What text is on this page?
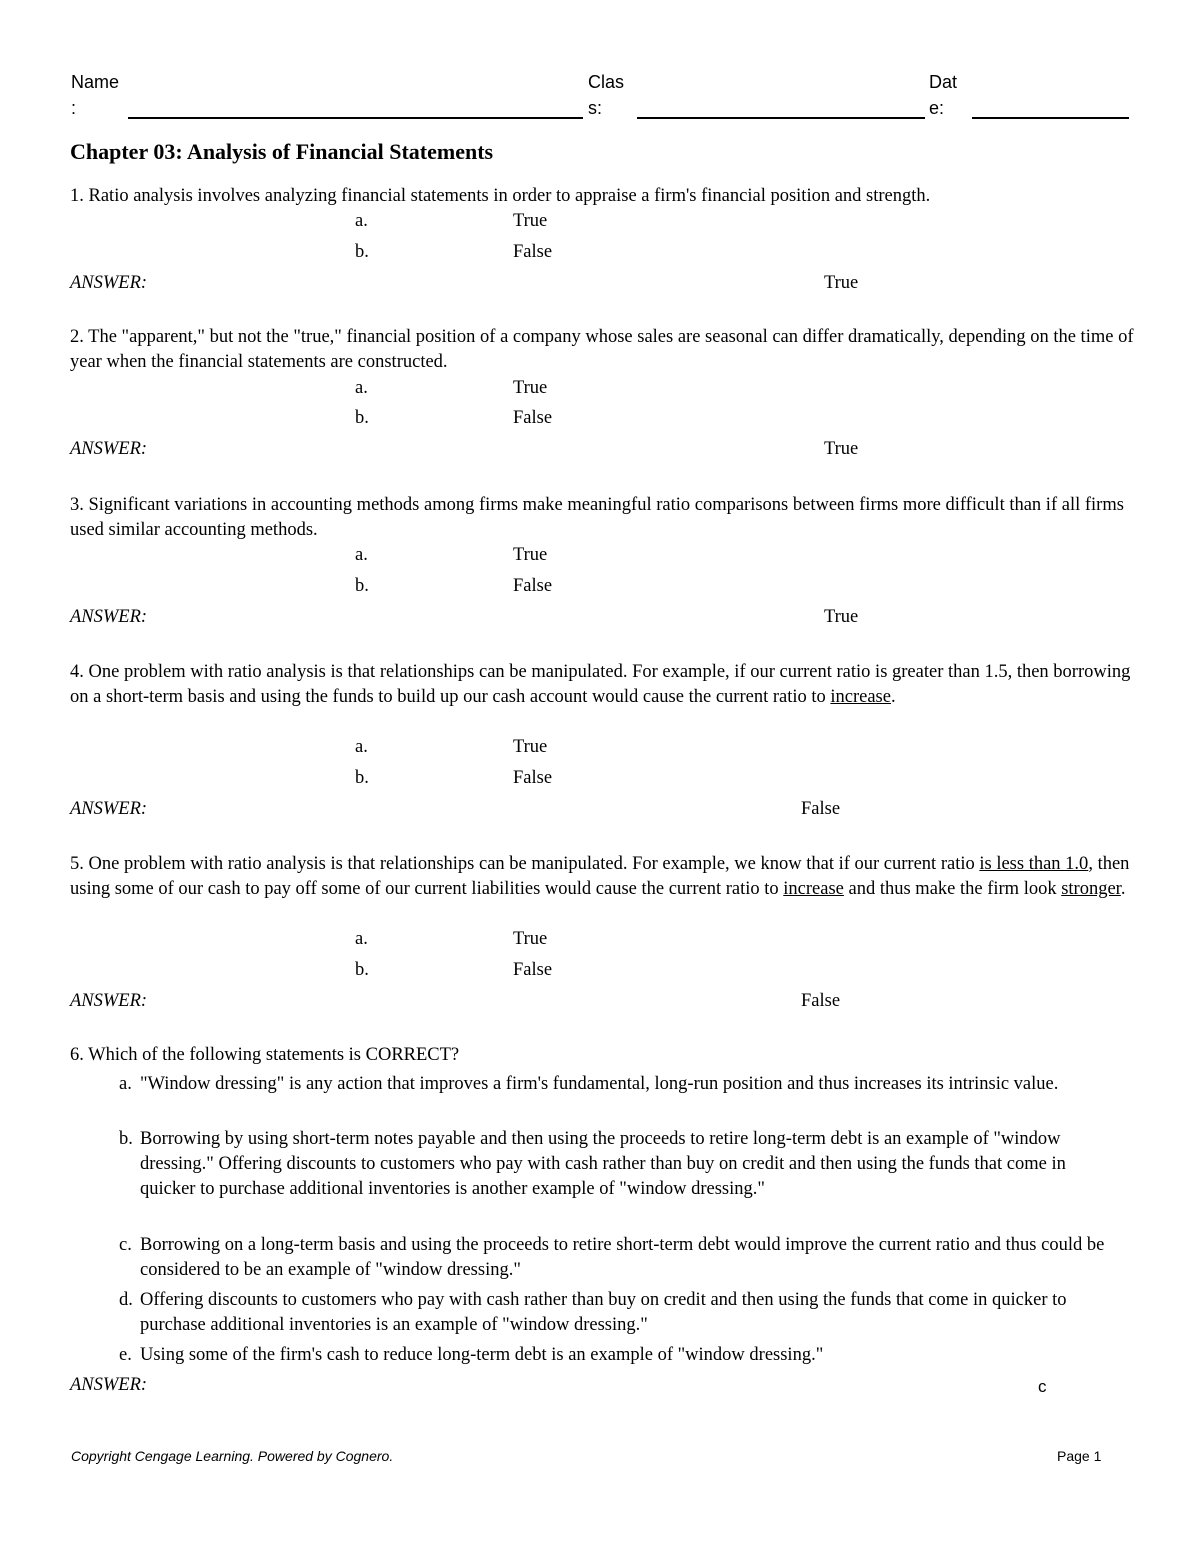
Name
:
Clas
s:
Dat
e:
Chapter 03: Analysis of Financial Statements
1. Ratio analysis involves analyzing financial statements in order to appraise a firm's financial position and strength.
a.	True
b.	False
ANSWER:	True
2. The "apparent," but not the "true," financial position of a company whose sales are seasonal can differ dramatically, depending on the time of year when the financial statements are constructed.
a.	True
b.	False
ANSWER:	True
3. Significant variations in accounting methods among firms make meaningful ratio comparisons between firms more difficult than if all firms used similar accounting methods.
a.	True
b.	False
ANSWER:	True
4. One problem with ratio analysis is that relationships can be manipulated. For example, if our current ratio is greater than 1.5, then borrowing on a short-term basis and using the funds to build up our cash account would cause the current ratio to increase.
a.	True
b.	False
ANSWER:	False
5. One problem with ratio analysis is that relationships can be manipulated. For example, we know that if our current ratio is less than 1.0, then using some of our cash to pay off some of our current liabilities would cause the current ratio to increase and thus make the firm look stronger.
a.	True
b.	False
ANSWER:	False
6. Which of the following statements is CORRECT?
a. "Window dressing" is any action that improves a firm's fundamental, long-run position and thus increases its intrinsic value.
b. Borrowing by using short-term notes payable and then using the proceeds to retire long-term debt is an example of "window dressing." Offering discounts to customers who pay with cash rather than buy on credit and then using the funds that come in quicker to purchase additional inventories is another example of "window dressing."
c. Borrowing on a long-term basis and using the proceeds to retire short-term debt would improve the current ratio and thus could be considered to be an example of "window dressing."
d. Offering discounts to customers who pay with cash rather than buy on credit and then using the funds that come in quicker to purchase additional inventories is an example of "window dressing."
e. Using some of the firm's cash to reduce long-term debt is an example of "window dressing."
ANSWER:	c
Copyright Cengage Learning. Powered by Cognero.	Page 1
